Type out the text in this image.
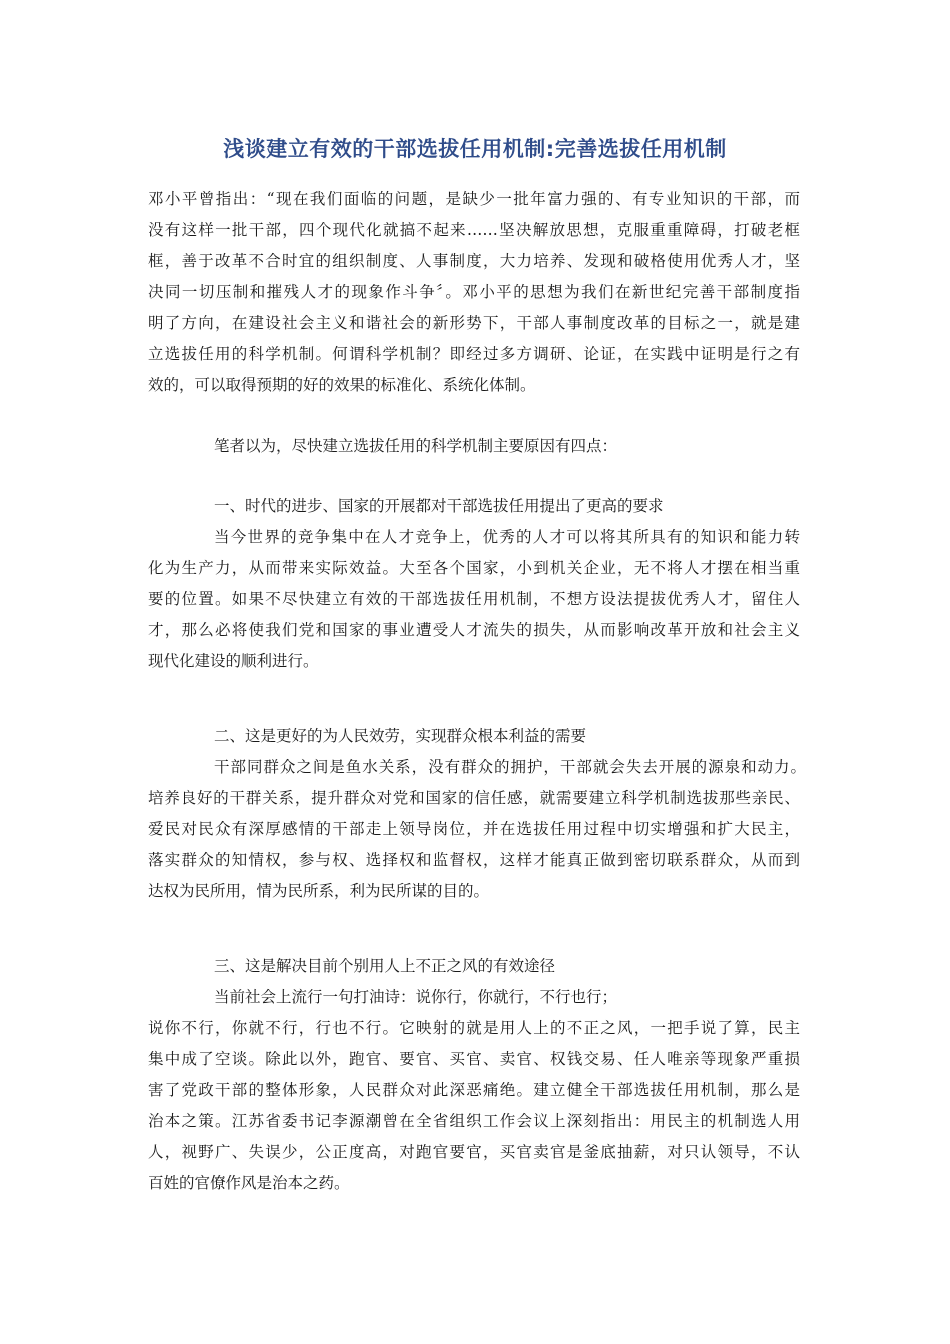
浅谈建立有效的干部选拔任用机制:完善选拔任用机制
邓小平曾指出：“现在我们面临的问题，是缺少一批年富力强的、有专业知识的干部，而
没有这样一批干部，四个现代化就搞不起来……坚决解放思想，克服重重障碍，打破老框
框，善于改革不合时宜的组织制度、人事制度，大力培养、发现和破格使用优秀人才，坚
决同一切压制和摧残人才的现象作斗争〞。邓小平的思想为我们在新世纪完善干部制度指
明了方向，在建设社会主义和谐社会的新形势下，干部人事制度改革的目标之一，就是建
立选拔任用的科学机制。何谓科学机制？即经过多方调研、论证，在实践中证明是行之有
效的，可以取得预期的好的效果的标准化、系统化体制。
笔者以为，尽快建立选拔任用的科学机制主要原因有四点：
一、时代的进步、国家的开展都对干部选拔任用提出了更高的要求
当今世界的竞争集中在人才竞争上，优秀的人才可以将其所具有的知识和能力转
化为生产力，从而带来实际效益。大至各个国家，小到机关企业，无不将人才摆在相当重
要的位置。如果不尽快建立有效的干部选拔任用机制，不想方设法提拔优秀人才，留住人
才，那么必将使我们党和国家的事业遭受人才流失的损失，从而影响改革开放和社会主义
现代化建设的顺利进行。
二、这是更好的为人民效劳，实现群众根本利益的需要
干部同群众之间是鱼水关系，没有群众的拥护，干部就会失去开展的源泉和动力。
培养良好的干群关系，提升群众对党和国家的信任感，就需要建立科学机制选拔那些亲民、
爱民对民众有深厚感情的干部走上领导岗位，并在选拔任用过程中切实增强和扩大民主，
落实群众的知情权，参与权、选择权和监督权，这样才能真正做到密切联系群众，从而到
达权为民所用，情为民所系，利为民所谋的目的。
三、这是解决目前个别用人上不正之风的有效途径
当前社会上流行一句打油诗：说你行，你就行，不行也行；
说你不行，你就不行，行也不行。它映射的就是用人上的不正之风，一把手说了算，民主
集中成了空谈。除此以外，跑官、要官、买官、卖官、权钱交易、任人唯亲等现象严重损
害了党政干部的整体形象，人民群众对此深恶痛绝。建立健全干部选拔任用机制，那么是
治本之策。江苏省委书记李源潮曾在全省组织工作会议上深刻指出：用民主的机制选人用
人，视野广、失误少，公正度高，对跑官要官，买官卖官是釜底抽薪，对只认领导，不认
百姓的官僚作风是治本之药。
